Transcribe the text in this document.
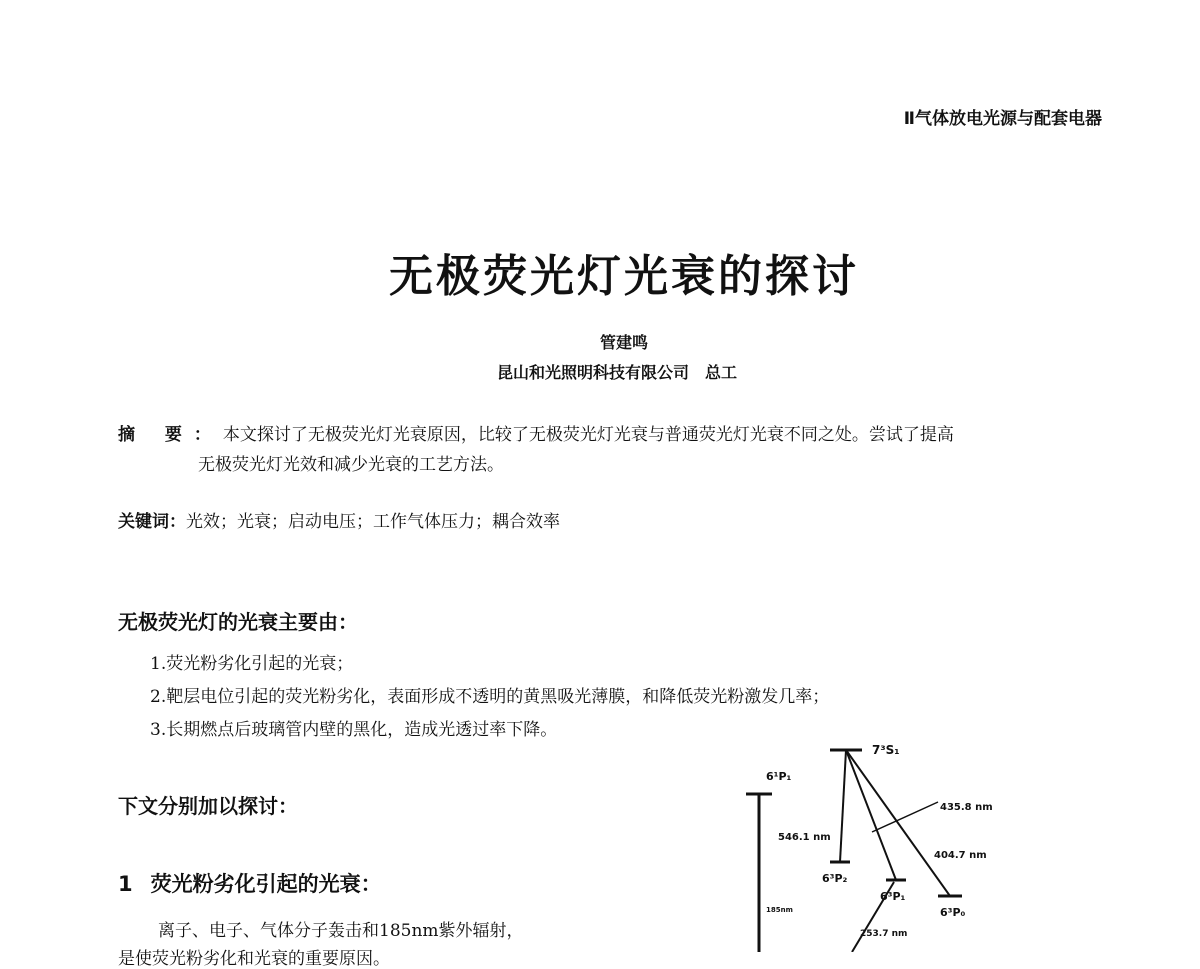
Ⅱ气体放电光源与配套电器
无极荧光灯光衰的探讨
管建鸣
昆山和光照明科技有限公司 总工
摘 要：本文探讨了无极荧光灯光衰原因，比较了无极荧光灯光衰与普通荧光灯光衰不同之处。尝试了提高
无极荧光灯光效和减少光衰的工艺方法。
关键词：光效；光衰；启动电压；工作气体压力；耦合效率
无极荧光灯的光衰主要由：
1.荧光粉劣化引起的光衰；
2.靶层电位引起的荧光粉劣化，表面形成不透明的黄黑吸光薄膜，和降低荧光粉激发几率；
3.长期燃点后玻璃管内壁的黑化，造成光透过率下降。
下文分别加以探讨：
1 荧光粉劣化引起的光衰：
离子、电子、气体分子轰击和185nm紫外辐射，
是使荧光粉劣化和光衰的重要原因。
7³S₁
6¹P₁
185nm
6³P₂
6³P₁
6³P₀
546.1 nm
435.8 nm
404.7 nm
253.7 nm
